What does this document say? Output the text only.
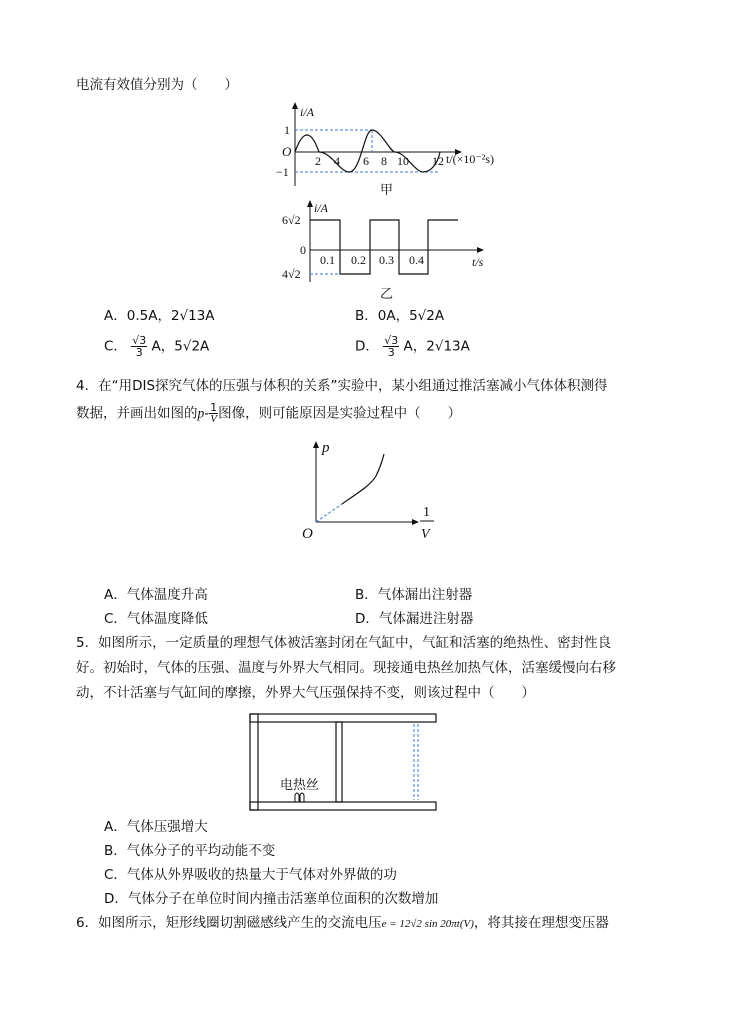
电流有效值分别为（　　）
i/A
O
1
−1
2 4 6 8 10 12 t/(×10⁻²s)
甲
i/A
6√2
0
4√2
0.1 0.2 0.3 0.4	t/s
乙
A．0.5A，2√13A	B．0A，5√2A
C． $\frac{√3}{3}$ A，5√2A	D． $\frac{√3}{3}$ A，2√13A
4．在“用DIS探究气体的压强与体积的关系”实验中，某小组通过推活塞减小气体体积测得
数据，并画出如图的$p- \frac{1}{V}$ 图像，则可能原因是实验过程中（　　）
p
O
1
V
A．气体温度升高	B．气体漏出注射器
C．气体温度降低	D．气体漏进注射器
5．如图所示，一定质量的理想气体被活塞封闭在气缸中，气缸和活塞的绝热性、密封性良
好。初始时，气体的压强、温度与外界大气相同。现接通电热丝加热气体，活塞缓慢向右移
动，不计活塞与气缸间的摩擦，外界大气压强保持不变，则该过程中（　　）
电热丝
A．气体压强增大
B．气体分子的平均动能不变
C．气体从外界吸收的热量大于气体对外界做的功
D．气体分子在单位时间内撞击活塞单位面积的次数增加
6．如图所示，矩形线圈切割磁感线产生的交流电压e = 12√2 sin 20πt(V)，将其接在理想变压器
